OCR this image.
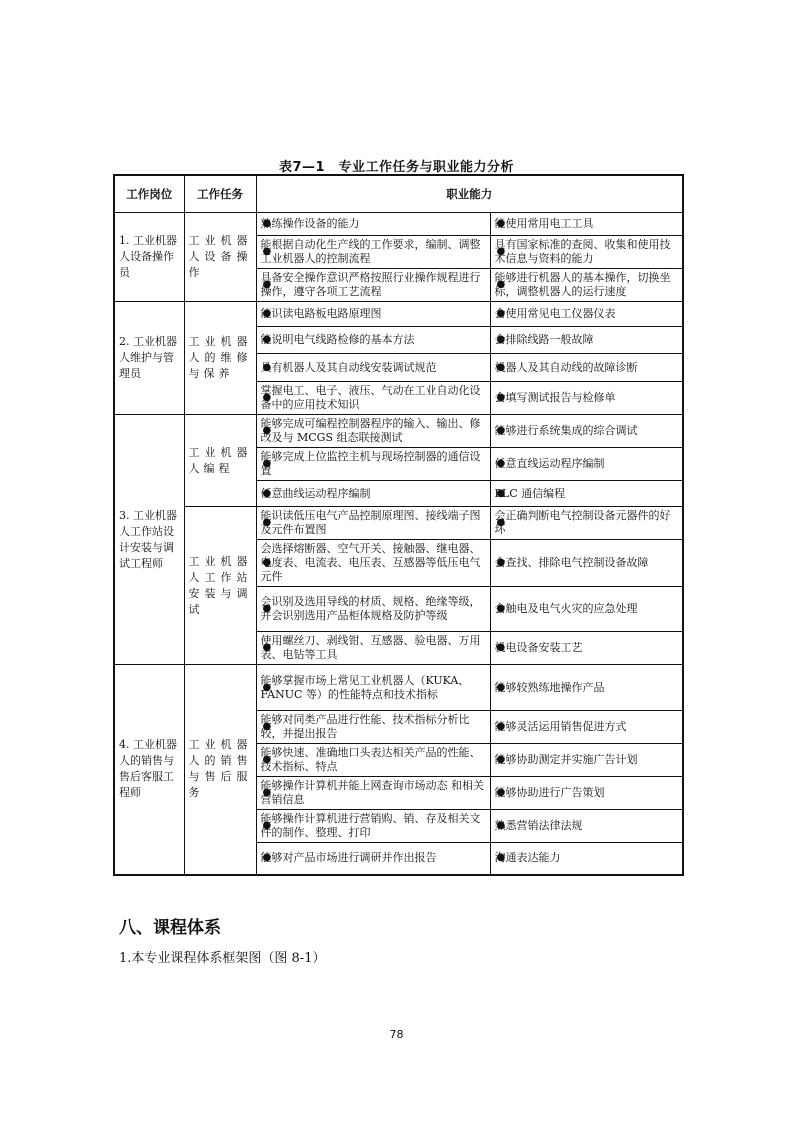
表7—1　专业工作任务与职业能力分析
工作岗位	工作任务	职业能力	
1. 工业机器人设备操作员	工业机器人设备操作	● 熟练操作设备的能力	● 能使用常用电工工具
		● 能根据自动化生产线的工作要求，编制、调整工业机器人的控制流程	● 具有国家标准的查阅、收集和使用技术信息与资料的能力
		● 具备安全操作意识严格按照行业操作规程进行操作，遵守各项工艺流程	● 能够进行机器人的基本操作，切换坐标，调整机器人的运行速度
2. 工业机器人维护与管理员	工业机器人的维修与保养	● 能识读电路板电路原理图	● 会使用常见电工仪器仪表
		● 能说明电气线路检修的基本方法	● 会排除线路一般故障
		● 具有机器人及其自动线安装调试规范	● 机器人及其自动线的故障诊断
		● 掌握电工、电子、液压、气动在工业自动化设备中的应用技术知识	● 会填写测试报告与检修单
3. 工业机器人工作站设计安装与调试工程师	工业机器人编程	● 能够完成可编程控制器程序的输入、输出、修改及与 MCGS 组态联接测试	● 能够进行系统集成的综合调试
		● 能够完成上位监控主机与现场控制器的通信设置	● 任意直线运动程序编制
		● 任意曲线运动程序编制	● PLC 通信编程
	工业机器人工作站安装与调试	● 能识读低压电气产品控制原理图、接线端子图及元件布置图	● 会正确判断电气控制设备元器件的好坏
		● 会选择熔断器、空气开关、接触器、继电器、电度表、电流表、电压表、互感器等低压电气元件	● 会查找、排除电气控制设备故障
		● 会识别及选用导线的材质、规格、绝缘等级，并会识别选用产品柜体规格及防护等级	● 会触电及电气火灾的应急处理
		● 使用螺丝刀、剥线钳、互感器、验电器、万用表、电钻等工具	● 机电设备安装工艺
4. 工业机器人的销售与售后客服工程师	工业机器人的销售与售后服务	● 能够掌握市场上常见工业机器人（KUKA、FANUC 等）的性能特点和技术指标	● 能够较熟练地操作产品
		● 能够对同类产品进行性能、技术指标分析比较，并提出报告	● 能够灵活运用销售促进方式
		● 能够快速、准确地口头表达相关产品的性能、技术指标、特点	● 能够协助测定并实施广告计划
		● 能够操作计算机并能上网查询市场动态 和相关营销信息	● 能够协助进行广告策划
		● 能够操作计算机进行营销购、销、存及相关文件的制作、整理、打印	● 熟悉营销法律法规
		● 能够对产品市场进行调研并作出报告	● 沟通表达能力
八、课程体系
1.本专业课程体系框架图（图 8-1）
78
